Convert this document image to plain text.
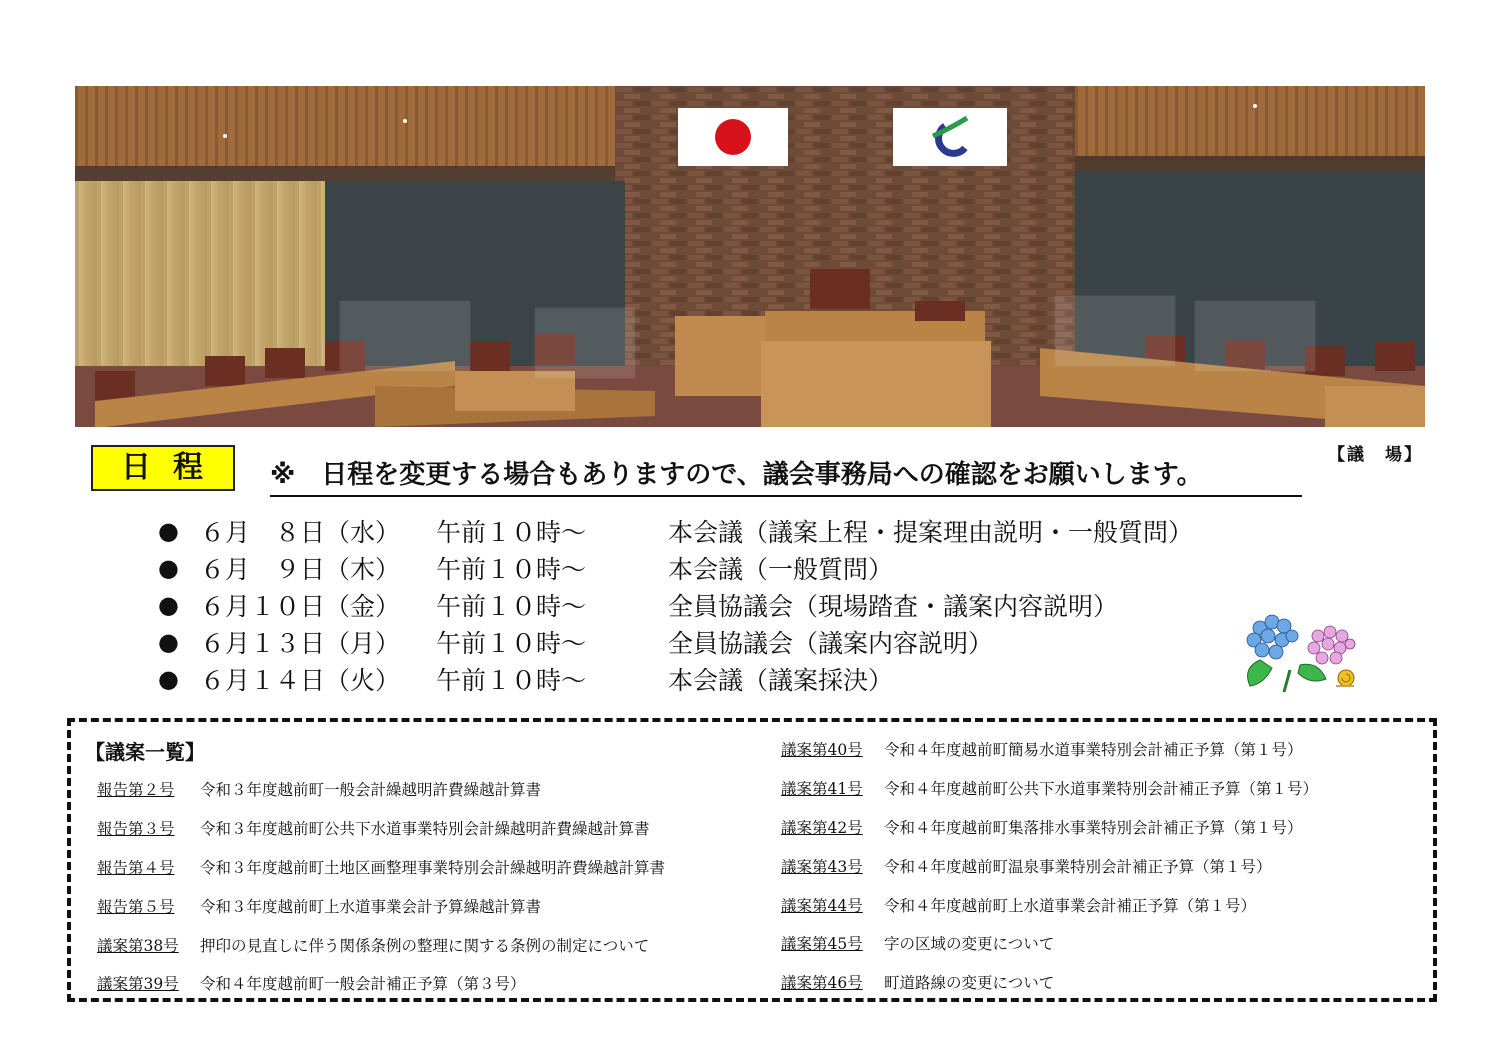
【議　場】
日程	※　日程を変更する場合もありますので、議会事務局への確認をお願いします。
● ６月　８日（水）	午前１０時～	本会議（議案上程・提案理由説明・一般質問）
● ６月　９日（木）	午前１０時～	本会議（一般質問）
● ６月１０日（金）	午前１０時～	全員協議会（現場踏査・議案内容説明）
● ６月１３日（月）	午前１０時～	全員協議会（議案内容説明）
● ６月１４日（火）	午前１０時～	本会議（議案採決）
【議案一覧】
報告第２号	令和３年度越前町一般会計繰越明許費繰越計算書
報告第３号	令和３年度越前町公共下水道事業特別会計繰越明許費繰越計算書
報告第４号	令和３年度越前町土地区画整理事業特別会計繰越明許費繰越計算書
報告第５号	令和３年度越前町上水道事業会計予算繰越計算書
議案第38号	押印の見直しに伴う関係条例の整理に関する条例の制定について
議案第39号	令和４年度越前町一般会計補正予算（第３号）
議案第40号	令和４年度越前町簡易水道事業特別会計補正予算（第１号）
議案第41号	令和４年度越前町公共下水道事業特別会計補正予算（第１号）
議案第42号	令和４年度越前町集落排水事業特別会計補正予算（第１号）
議案第43号	令和４年度越前町温泉事業特別会計補正予算（第１号）
議案第44号	令和４年度越前町上水道事業会計補正予算（第１号）
議案第45号	字の区域の変更について
議案第46号	町道路線の変更について
